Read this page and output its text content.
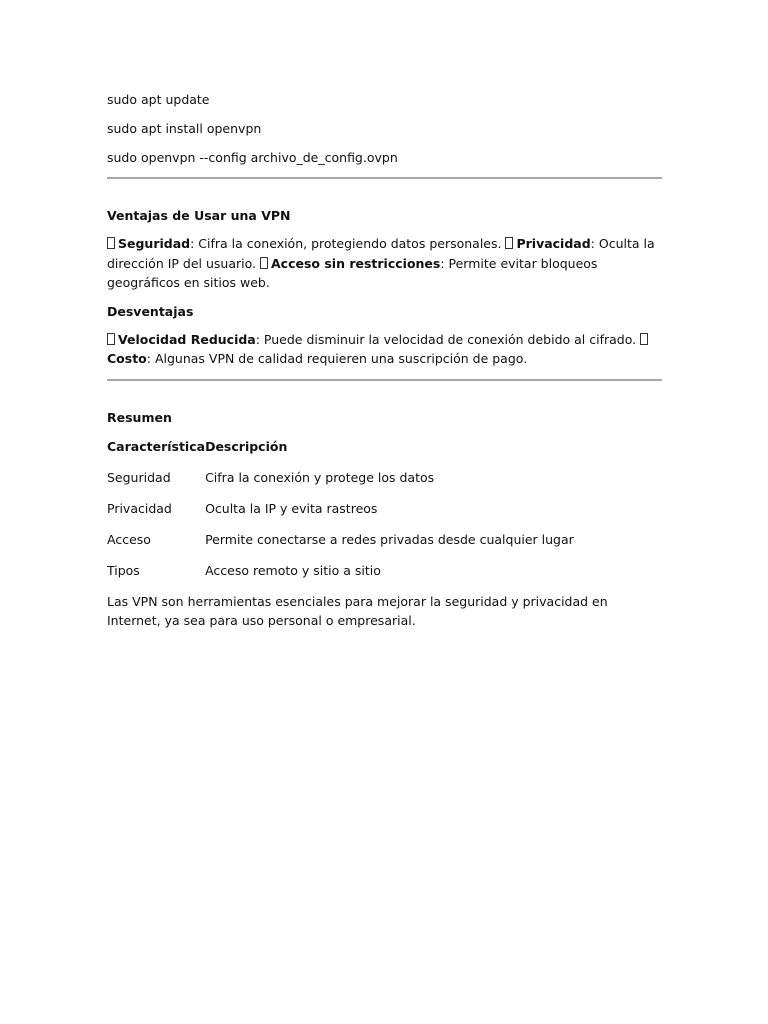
sudo apt update

sudo apt install openvpn

sudo openvpn --config archivo_de_config.ovpn

Ventajas de Usar una VPN

Seguridad: Cifra la conexión, protegiendo datos personales. Privacidad: Oculta la dirección IP del usuario. Acceso sin restricciones: Permite evitar bloqueos geográficos en sitios web.

Desventajas

Velocidad Reducida: Puede disminuir la velocidad de conexión debido al cifrado. Costo: Algunas VPN de calidad requieren una suscripción de pago.

Resumen

Característica	Descripción
Seguridad	Cifra la conexión y protege los datos
Privacidad	Oculta la IP y evita rastreos
Acceso	Permite conectarse a redes privadas desde cualquier lugar
Tipos	Acceso remoto y sitio a sitio

Las VPN son herramientas esenciales para mejorar la seguridad y privacidad en Internet, ya sea para uso personal o empresarial.
